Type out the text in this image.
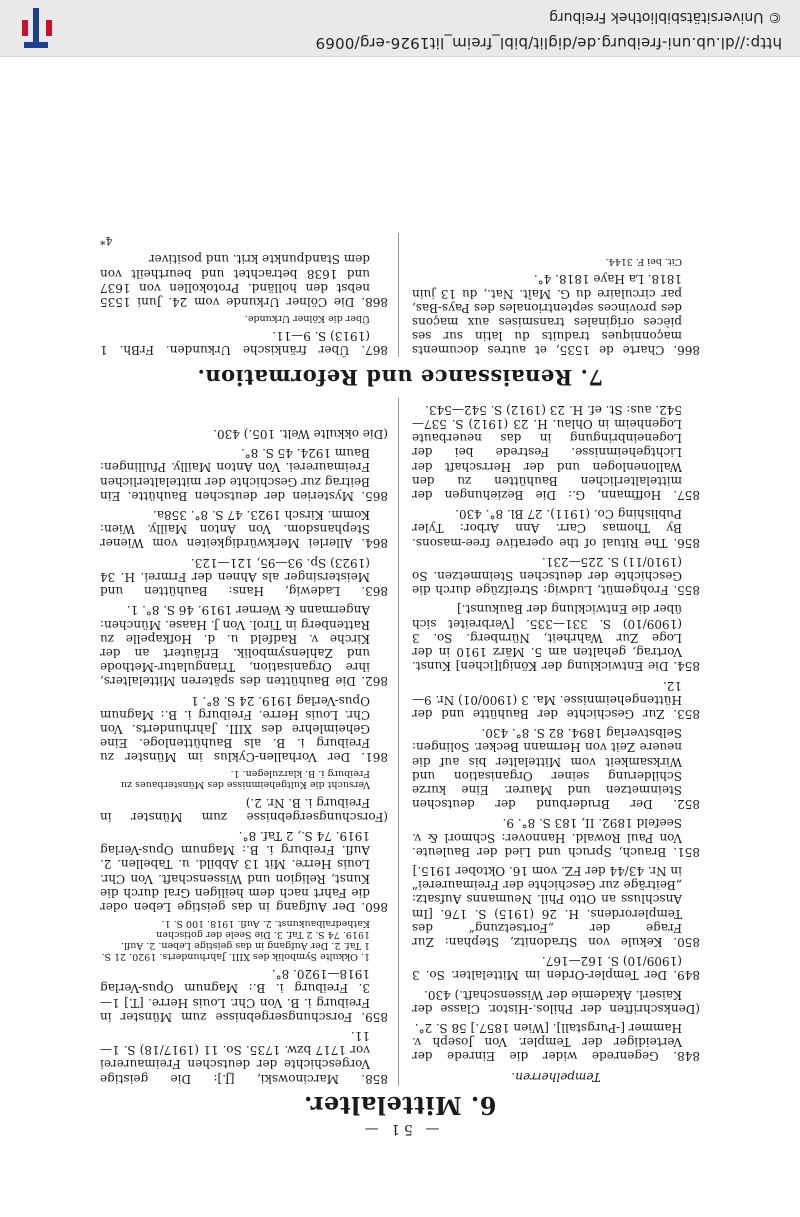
http://dl.ub.uni-freiburg.de/diglit/bibl_freim_lit1926-erg/0069
© Universitätsbibliothek Freiburg
— 51 —
6. Mittelalter.
Tempelherren.
848. Gegenrede wider die Einrede der Verteidiger der Templer. Von Joseph v. Hammer [-Purgstall]. [Wien 1857.] 58 S. 2°.
(Denkschriften der Philos.-Histor. Classe der Kaiserl. Akademie der Wissenschaft.) 430.
849. Der Templer-Orden im Mittelalter. So. 3 (1909/10) S. 162—167.
850. Kekule von Stradonitz, Stephan: Zur Frage der „Fortsetzung“ des Templerordens. H. 26 (1915) S. 176. [Im Anschluss an Otto Phil. Neumanns Aufsatz: „Beiträge zur Geschichte der Freimaurerei“ in Nr. 43/44 der FZ. vom 16. Oktober 1915.]
851. Brauch, Spruch und Lied der Bauleute. Von Paul Rowald. Hannover: Schmorl & v. Seefeld 1892. II, 183 S. 8°. 9.
852. Der Bruderbund der deutschen Steinmetzen und Maurer. Eine kurze Schilderung seiner Organisation und Wirksamkeit vom Mittelalter bis auf die neuere Zeit von Hermann Becker. Solingen: Selbstverlag 1894. 82 S. 8°. 430.
853. Zur Geschichte der Bauhütte und der Hüttengeheimnisse. Ma. 3 (1900/01) Nr. 9—12.
854. Die Entwicklung der Königl[ichen] Kunst. Vortrag, gehalten am 5. März 1910 in der Loge Zur Wahrheit, Nürnberg. So. 3 (1909/10) S. 331—335. [Verbreitet sich über die Entwicklung der Baukunst.]
855. Frohgemüt, Ludwig: Streifzüge durch die Geschichte der deutschen Steinmetzen. So (1910/11) S. 225—231.
856. The Ritual of the operative free-masons. By Thomas Carr. Ann Arbor: Tyler Publishing Co. (1911). 27 Bl. 8°. 430.
857. Hoffmann, G.: Die Beziehungen der mittelalterlichen Bauhütten zu den Wallonenlogen und der Herrschaft der Lichtgeheimnisse. Festrede bei der Logeneinbringung in das neuerbaute Logenheim in Ohlau. H. 23 (1912) S. 537—542. aus: St. ef. H. 23 (1912) S. 542—543.
858. Marcinowski, [J.]: Die geistige Vorgeschichte der deutschen Freimaurerei vor 1717 bzw. 1735. So. 11 (1917/18) S. 1—11.
859. Forschungsergebnisse zum Münster in Freiburg i. B. Von Chr. Louis Herre. [T.] 1—3. Freiburg i. B.: Magnum Opus-Verlag 1918—1920. 8°.
1. Okkulte Symbolik des XIII. Jahrhunderts. 1920. 21 S. 1 Taf. 2. Der Aufgang in das geistige Leben. 2. Aufl. 1919. 74 S. 2 Taf. 3. Die Seele der gotischen Kathedralbaukunst. 2. Aufl. 1918. 100 S. 1.
860. Der Aufgang in das geistige Leben oder die Fahrt nach dem heiligen Gral durch die Kunst, Religion und Wissenschaft. Von Chr. Louis Herre. Mit 13 Abbild. u. Tabellen. 2. Aufl. Freiburg i. B.: Magnum Opus-Verlag 1919. 74 S., 2 Taf. 8°.
(Forschungsergebnisse zum Münster in Freiburg i. B. Nr. 2.)
Versucht die Kultgeheimnisse des Münsterbaues zu Freiburg i. B. klarzulegen. 1.
861. Der Vorhallen-Cyklus im Münster zu Freiburg i. B. als Bauhüttenloge. Eine Geheimlehre des XIII. Jahrhunderts. Von Chr. Louis Herre. Freiburg i. B.: Magnum Opus-Verlag 1919. 24 S. 8°. 1
862. Die Bauhütten des späteren Mittelalters, ihre Organisation, Triangulatur-Methode und Zahlensymbolik. Erläutert an der Kirche v. Radfeld u. d. Hofkapelle zu Rattenberg in Tirol. Von J. Haase. München: Angermann & Werner 1919. 46 S. 8°. 1.
863. Ladewig, Hans: Bauhütten und Meistersinger als Ahnen der Frmrei. H. 34 (1923) Sp. 93—95, 121—123.
864. Allerlei Merkwürdigkeiten vom Wiener Stephansdom. Von Anton Mailly. Wien: Komm. Kirsch 1923. 47 S. 8°. 358a.
865. Mysterien der deutschen Bauhütte. Ein Beitrag zur Geschichte der mittelalterlichen Freimaurerei. Von Anton Mailly. Pfullingen: Baum 1924. 45 S. 8°.
(Die okkulte Welt. 105.) 430.
7. Renaissance und Reformation.
866. Charte de 1535, et autres documents maçonniques traduits du latin sur ses pièces originales transmises aux maçons des provinces septentrionales des Pays-Bas, par circulaire du G. Maît. Nat., du 13 juin 1818. La Haye 1818. 4°.
Cit. bei F. 3144.
867. Über fränkische Urkunden. FrBh. 1 (1913) S. 9—11.
Über die Kölner Urkunde.
868. Die Cölner Urkunde vom 24. Juni 1535 nebst den holländ. Protokollen von 1637 und 1638 betrachtet und beurtheilt von dem Standpunkte krit. und positiver
4*
